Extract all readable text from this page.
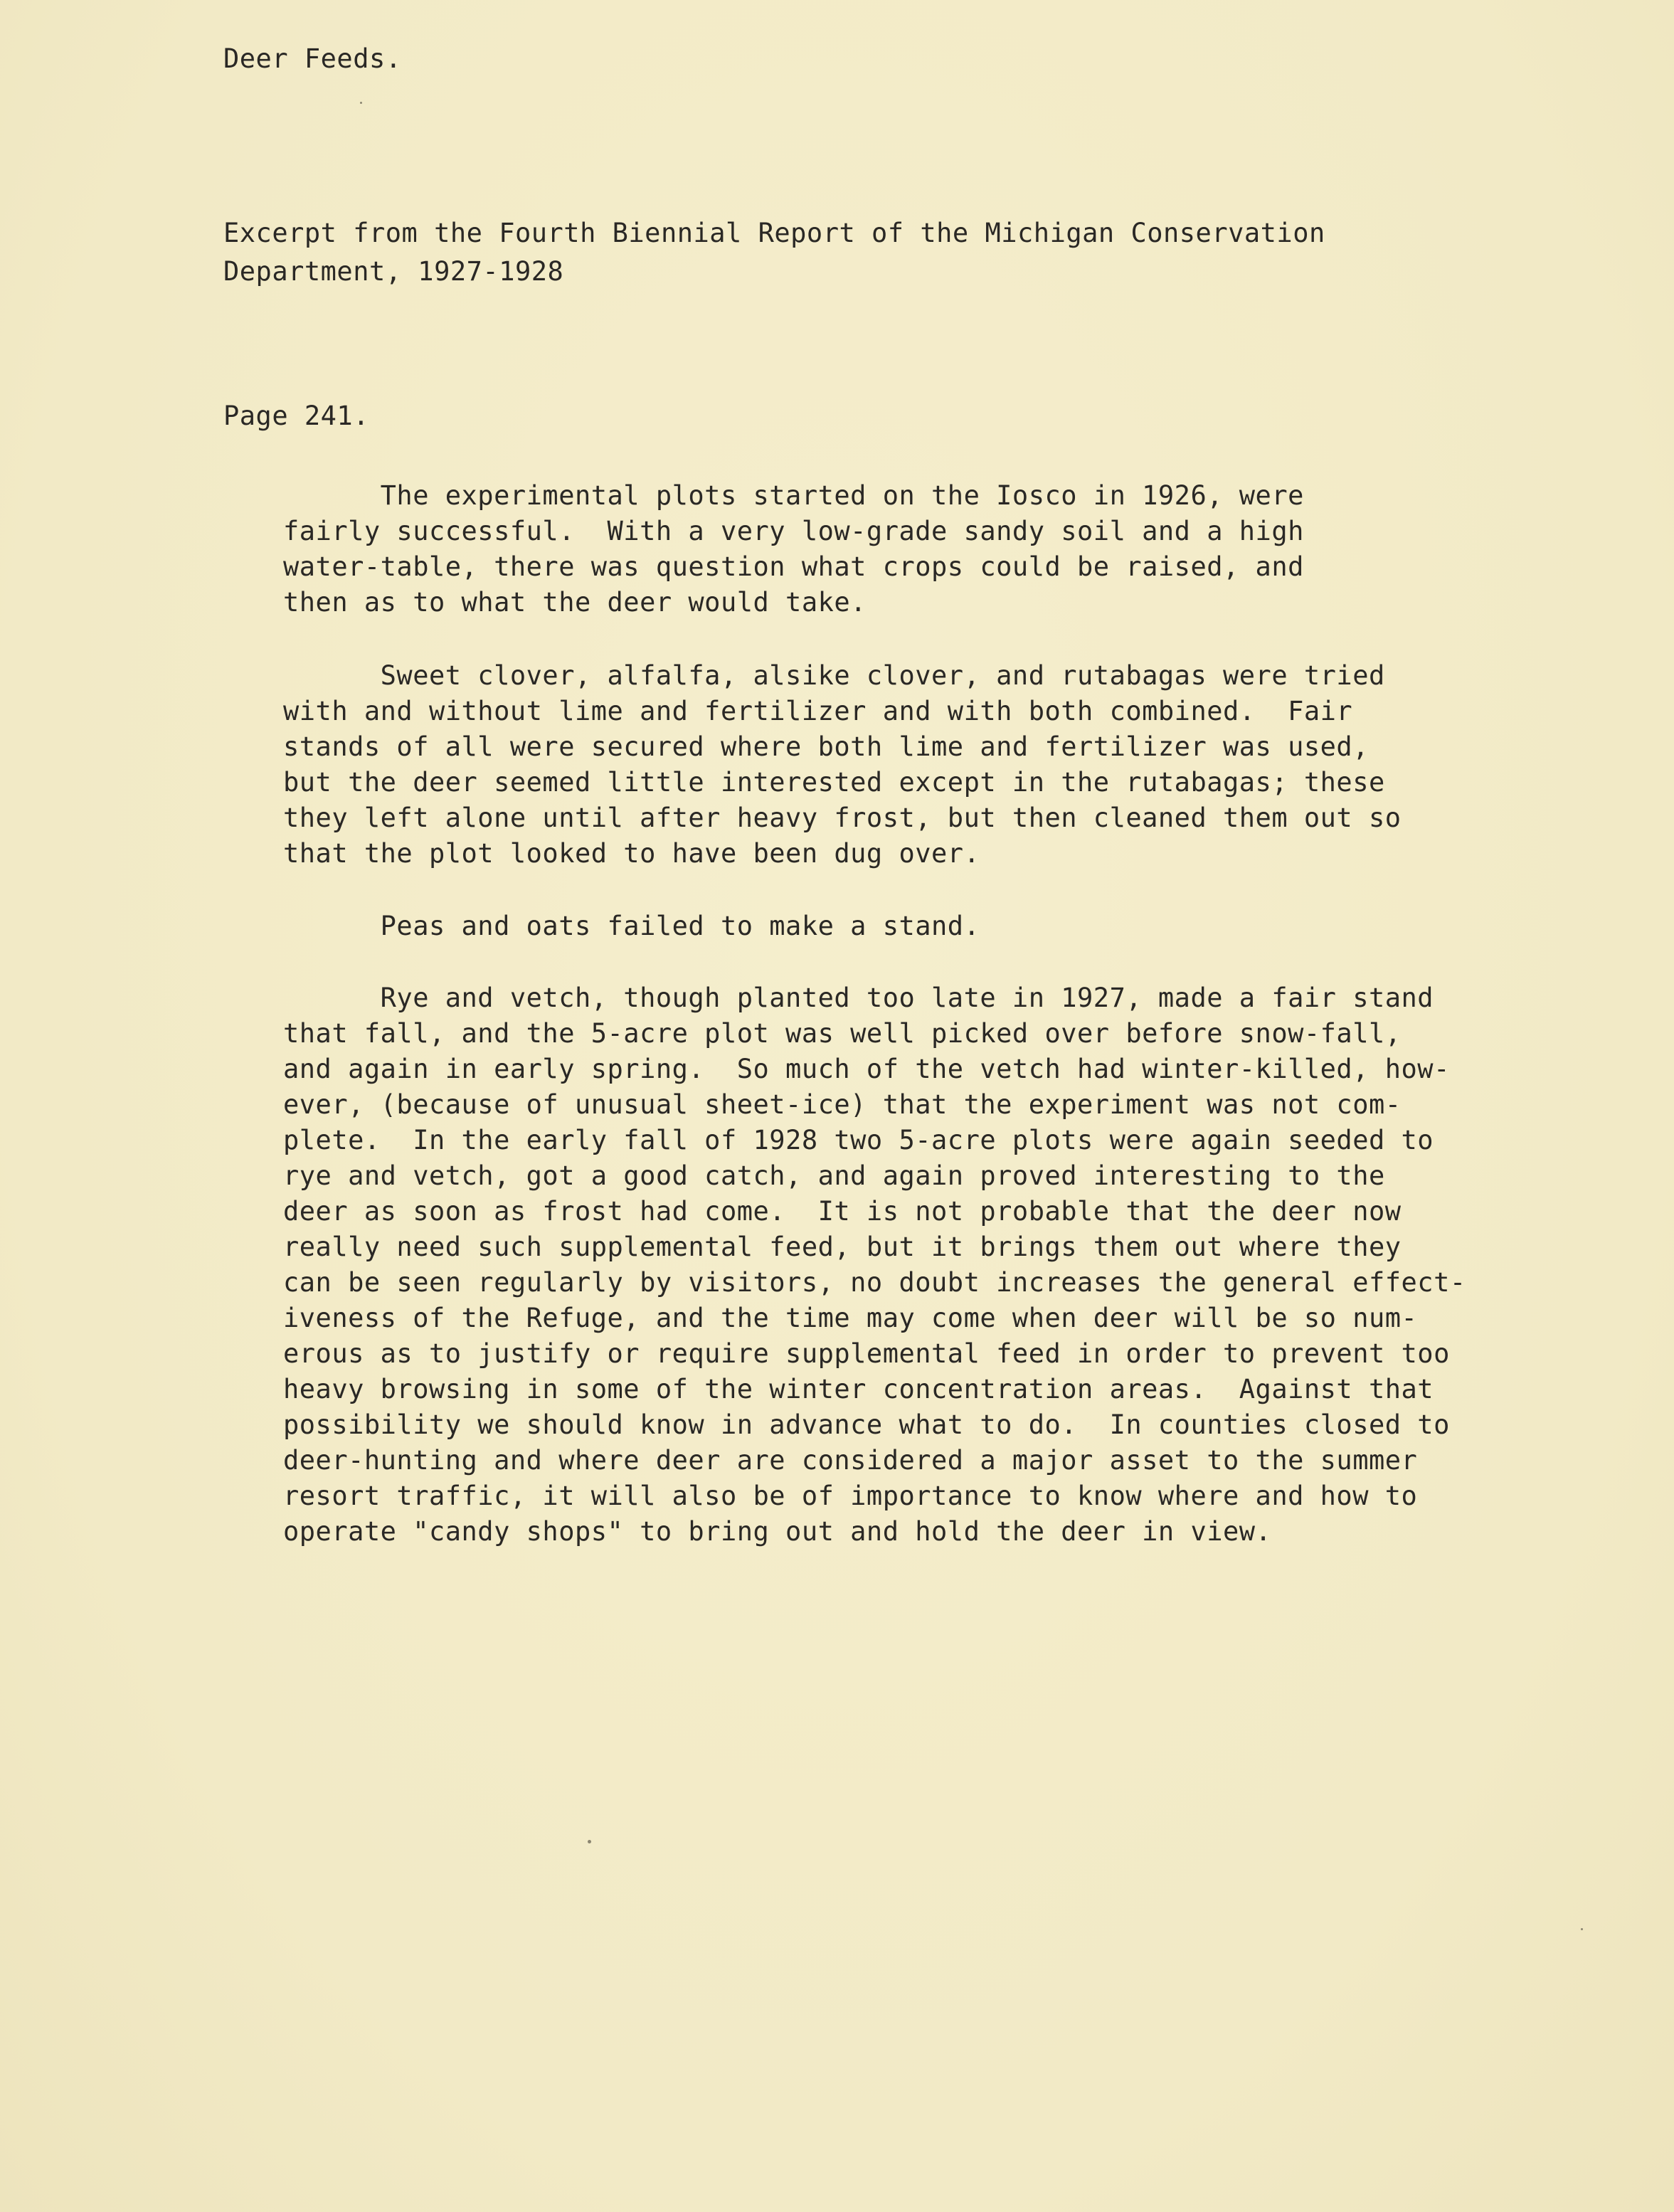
Deer Feeds.
Excerpt from the Fourth Biennial Report of the Michigan Conservation
Department, 1927-1928
Page 241.
The experimental plots started on the Iosco in 1926, were
fairly successful.  With a very low-grade sandy soil and a high
water-table, there was question what crops could be raised, and
then as to what the deer would take.
Sweet clover, alfalfa, alsike clover, and rutabagas were tried
with and without lime and fertilizer and with both combined.  Fair
stands of all were secured where both lime and fertilizer was used,
but the deer seemed little interested except in the rutabagas; these
they left alone until after heavy frost, but then cleaned them out so
that the plot looked to have been dug over.
Peas and oats failed to make a stand.
Rye and vetch, though planted too late in 1927, made a fair stand
that fall, and the 5-acre plot was well picked over before snow-fall,
and again in early spring.  So much of the vetch had winter-killed, how-
ever, (because of unusual sheet-ice) that the experiment was not com-
plete.  In the early fall of 1928 two 5-acre plots were again seeded to
rye and vetch, got a good catch, and again proved interesting to the
deer as soon as frost had come.  It is not probable that the deer now
really need such supplemental feed, but it brings them out where they
can be seen regularly by visitors, no doubt increases the general effect-
iveness of the Refuge, and the time may come when deer will be so num-
erous as to justify or require supplemental feed in order to prevent too
heavy browsing in some of the winter concentration areas.  Against that
possibility we should know in advance what to do.  In counties closed to
deer-hunting and where deer are considered a major asset to the summer
resort traffic, it will also be of importance to know where and how to
operate "candy shops" to bring out and hold the deer in view.
